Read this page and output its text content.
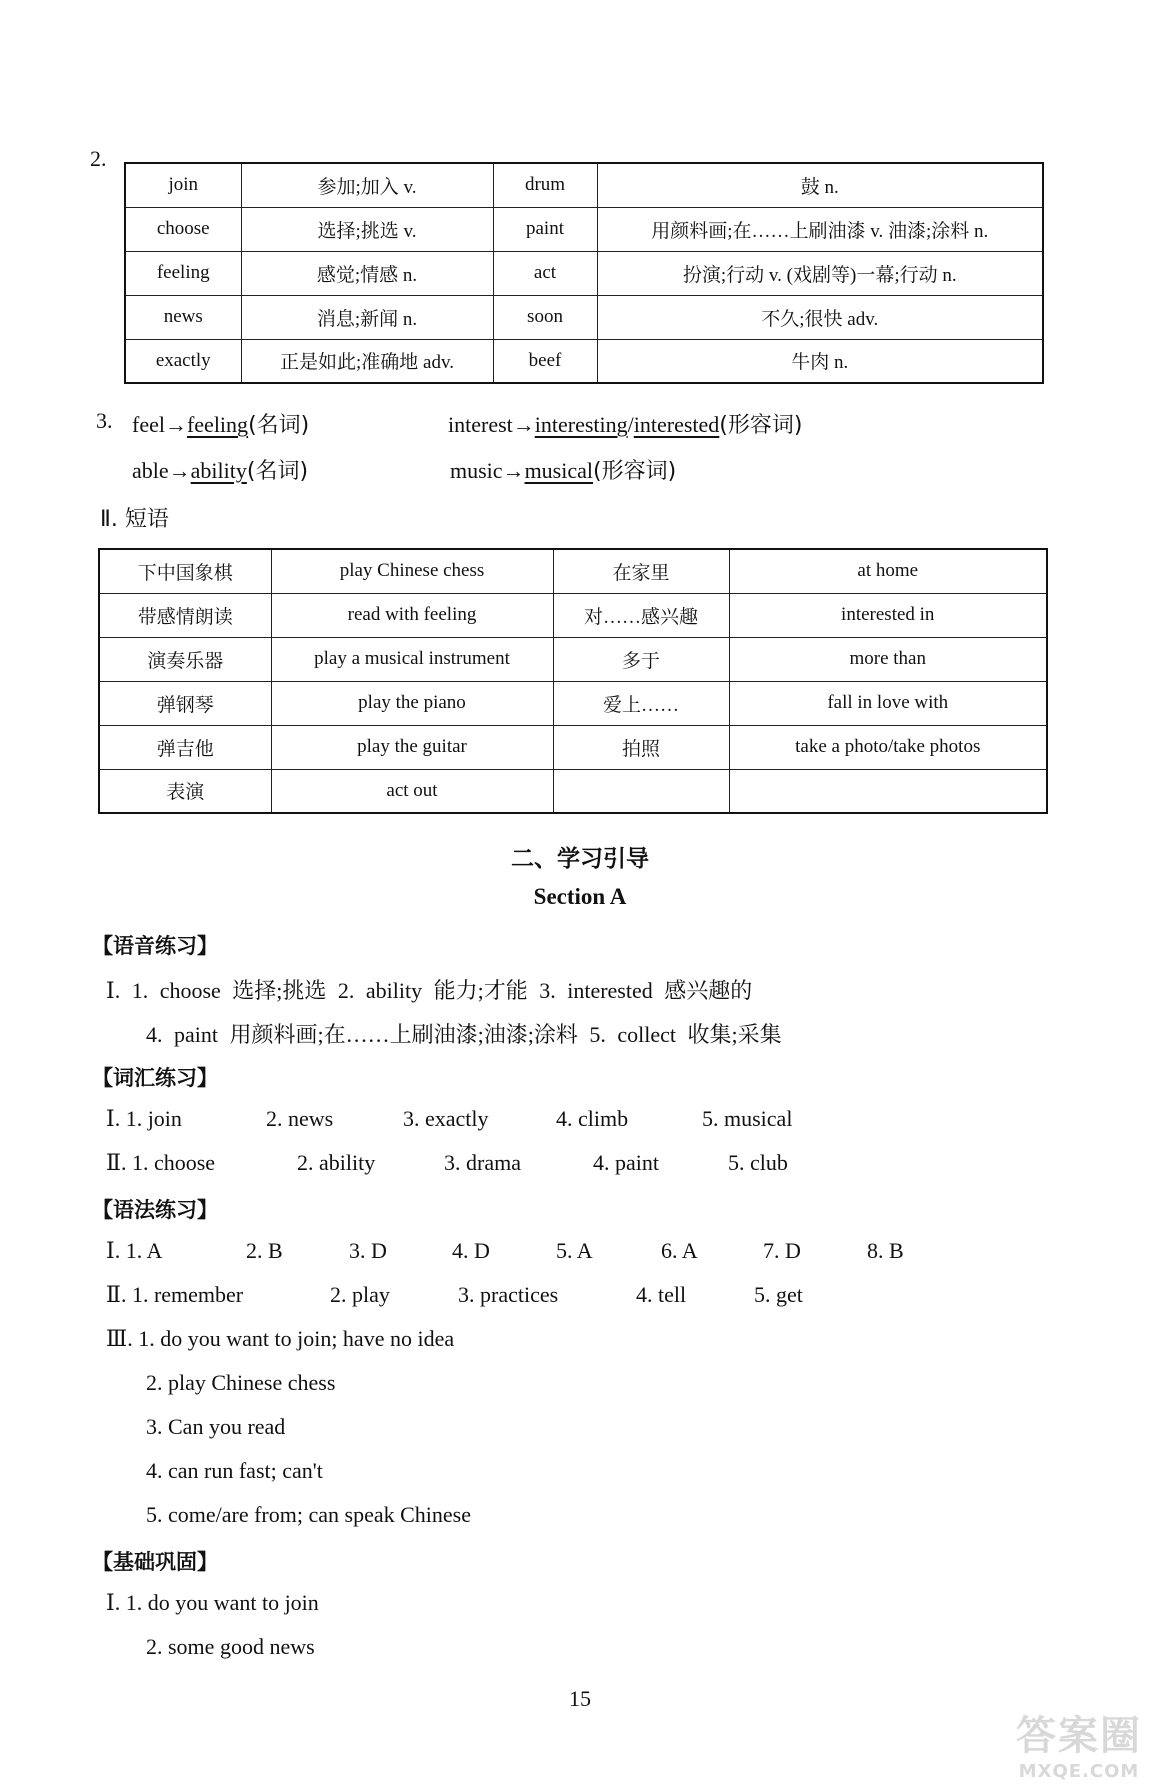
2.
join	参加;加入 v.	drum	鼓 n.
choose	选择;挑选 v.	paint	用颜料画;在……上刷油漆 v. 油漆;涂料 n.
feeling	感觉;情感 n.	act	扮演;行动 v. (戏剧等)一幕;行动 n.
news	消息;新闻 n.	soon	不久;很快 adv.
exactly	正是如此;准确地 adv.	beef	牛肉 n.
3. feel→feeling(名词)	interest→interesting/interested(形容词)
able→ability(名词)	music→musical(形容词)
Ⅱ. 短语
下中国象棋	play Chinese chess	在家里	at home
带感情朗读	read with feeling	对……感兴趣	interested in
演奏乐器	play a musical instrument	多于	more than
弹钢琴	play the piano	爱上……	fall in love with
弹吉他	play the guitar	拍照	take a photo/take photos
表演	act out		
二、学习引导
Section A
【语音练习】
Ⅰ. 1. choose 选择;挑选 2. ability 能力;才能 3. interested 感兴趣的
4. paint 用颜料画;在……上刷油漆;油漆;涂料 5. collect 收集;采集
【词汇练习】
Ⅰ. 1. join	2. news	3. exactly	4. climb	5. musical
Ⅱ. 1. choose	2. ability	3. drama	4. paint	5. club
【语法练习】
Ⅰ. 1. A	2. B	3. D	4. D	5. A	6. A	7. D	8. B
Ⅱ. 1. remember	2. play	3. practices	4. tell	5. get
Ⅲ. 1. do you want to join; have no idea
2. play Chinese chess
3. Can you read
4. can run fast; can't
5. come/are from; can speak Chinese
【基础巩固】
Ⅰ. 1. do you want to join
2. some good news
15
答案圈
MXQE.COM
